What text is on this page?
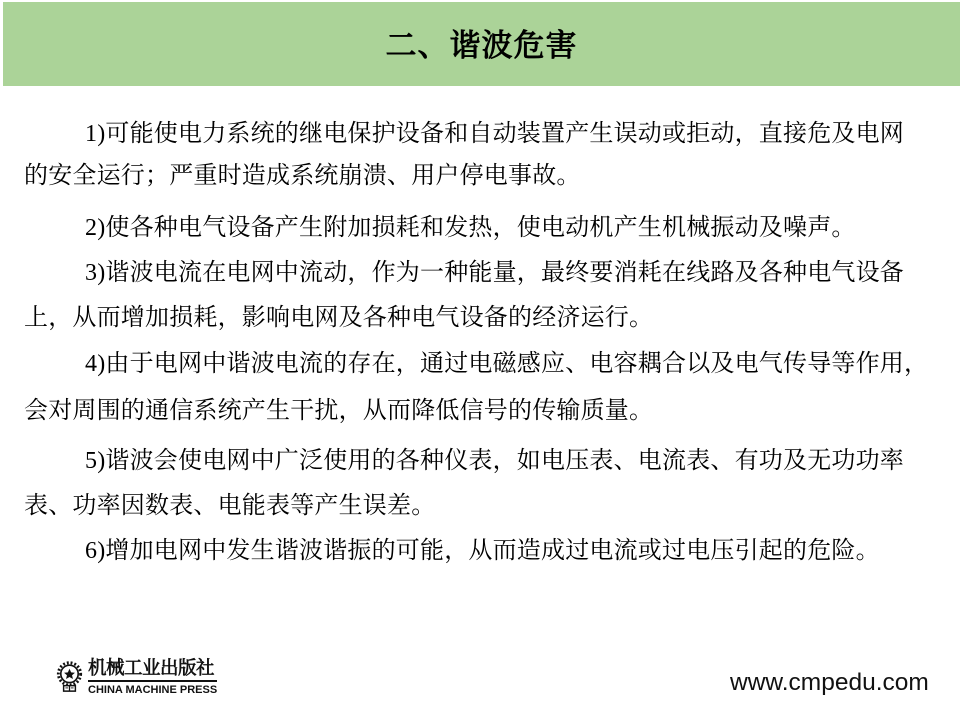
二、谐波危害
1)可能使电力系统的继电保护设备和自动装置产生误动或拒动，直接危及电网
的安全运行；严重时造成系统崩溃、用户停电事故。
2)使各种电气设备产生附加损耗和发热，使电动机产生机械振动及噪声。
3)谐波电流在电网中流动，作为一种能量，最终要消耗在线路及各种电气设备
上，从而增加损耗，影响电网及各种电气设备的经济运行。
4)由于电网中谐波电流的存在，通过电磁感应、电容耦合以及电气传导等作用，
会对周围的通信系统产生干扰，从而降低信号的传输质量。
5)谐波会使电网中广泛使用的各种仪表，如电压表、电流表、有功及无功功率
表、功率因数表、电能表等产生误差。
6)增加电网中发生谐波谐振的可能，从而造成过电流或过电压引起的危险。
机械工业出版社
CHINA MACHINE PRESS	www.cmpedu.com
